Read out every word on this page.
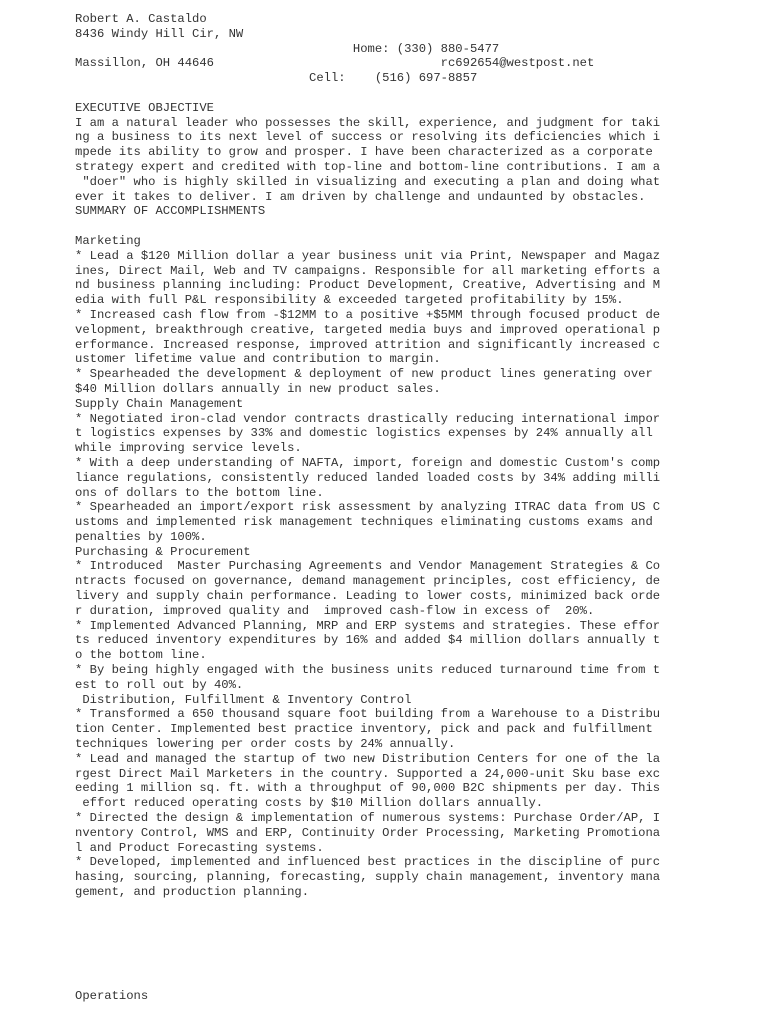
Robert A. Castaldo
8436 Windy Hill Cir, NW
Home: (330) 880-5477
Massillon, OH 44646                               rc692654@westpost.net
Cell:    (516) 697-8857
EXECUTIVE OBJECTIVE
I am a natural leader who possesses the skill, experience, and judgment for taki
ng a business to its next level of success or resolving its deficiencies which i
mpede its ability to grow and prosper. I have been characterized as a corporate
strategy expert and credited with top-line and bottom-line contributions. I am a
"doer" who is highly skilled in visualizing and executing a plan and doing what
ever it takes to deliver. I am driven by challenge and undaunted by obstacles.
SUMMARY OF ACCOMPLISHMENTS
Marketing
* Lead a $120 Million dollar a year business unit via Print, Newspaper and Magaz
ines, Direct Mail, Web and TV campaigns. Responsible for all marketing efforts a
nd business planning including: Product Development, Creative, Advertising and M
edia with full P&L responsibility & exceeded targeted profitability by 15%.
* Increased cash flow from -$12MM to a positive +$5MM through focused product de
velopment, breakthrough creative, targeted media buys and improved operational p
erformance. Increased response, improved attrition and significantly increased c
ustomer lifetime value and contribution to margin.
* Spearheaded the development & deployment of new product lines generating over
$40 Million dollars annually in new product sales.
Supply Chain Management
* Negotiated iron-clad vendor contracts drastically reducing international impor
t logistics expenses by 33% and domestic logistics expenses by 24% annually all
while improving service levels.
* With a deep understanding of NAFTA, import, foreign and domestic Custom's comp
liance regulations, consistently reduced landed loaded costs by 34% adding milli
ons of dollars to the bottom line.
* Spearheaded an import/export risk assessment by analyzing ITRAC data from US C
ustoms and implemented risk management techniques eliminating customs exams and
penalties by 100%.
Purchasing & Procurement
* Introduced  Master Purchasing Agreements and Vendor Management Strategies & Co
ntracts focused on governance, demand management principles, cost efficiency, de
livery and supply chain performance. Leading to lower costs, minimized back orde
r duration, improved quality and  improved cash-flow in excess of  20%.
* Implemented Advanced Planning, MRP and ERP systems and strategies. These effor
ts reduced inventory expenditures by 16% and added $4 million dollars annually t
o the bottom line.
* By being highly engaged with the business units reduced turnaround time from t
est to roll out by 40%.
Distribution, Fulfillment & Inventory Control
* Transformed a 650 thousand square foot building from a Warehouse to a Distribu
tion Center. Implemented best practice inventory, pick and pack and fulfillment
techniques lowering per order costs by 24% annually.
* Lead and managed the startup of two new Distribution Centers for one of the la
rgest Direct Mail Marketers in the country. Supported a 24,000-unit Sku base exc
eeding 1 million sq. ft. with a throughput of 90,000 B2C shipments per day. This
effort reduced operating costs by $10 Million dollars annually.
* Directed the design & implementation of numerous systems: Purchase Order/AP, I
nventory Control, WMS and ERP, Continuity Order Processing, Marketing Promotiona
l and Product Forecasting systems.
* Developed, implemented and influenced best practices in the discipline of purc
hasing, sourcing, planning, forecasting, supply chain management, inventory mana
gement, and production planning.
Operations
